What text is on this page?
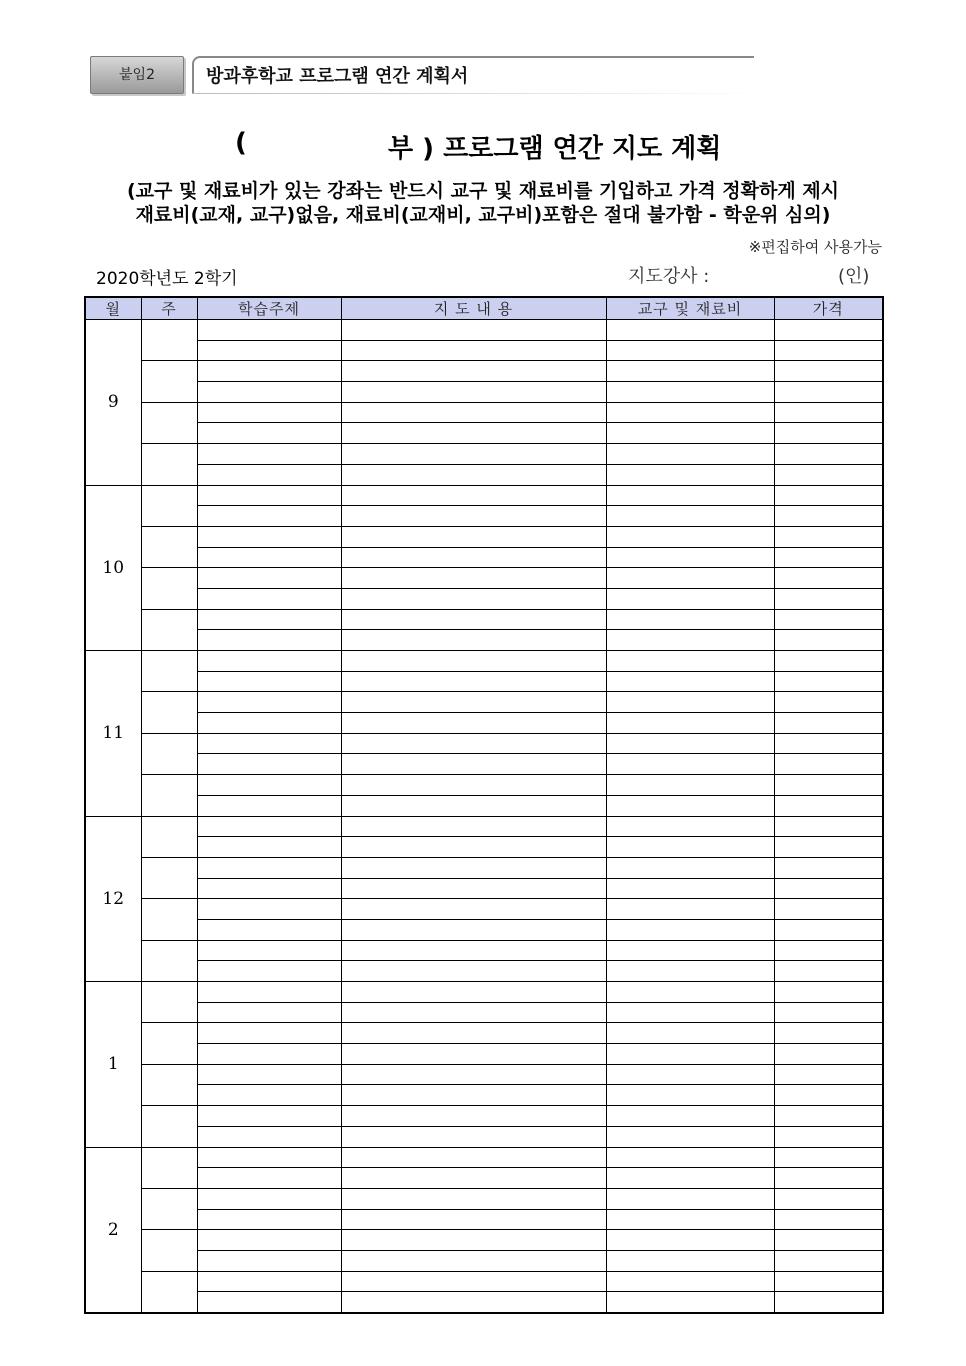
붙임2	방과후학교 프로그램 연간 계획서
(	부 ) 프로그램 연간 지도 계획
(교구 및 재료비가 있는 강좌는 반드시 교구 및 재료비를 기입하고 가격 정확하게 제시
재료비(교재, 교구)없음, 재료비(교재비, 교구비)포함은 절대 불가함 - 학운위 심의)
※편집하여 사용가능
2020학년도 2학기	지도강사 :	(인)
월	주	학습주제	지 도 내 용	교구 및 재료비	가격
9					

10					

11					

12					

1					

2					
